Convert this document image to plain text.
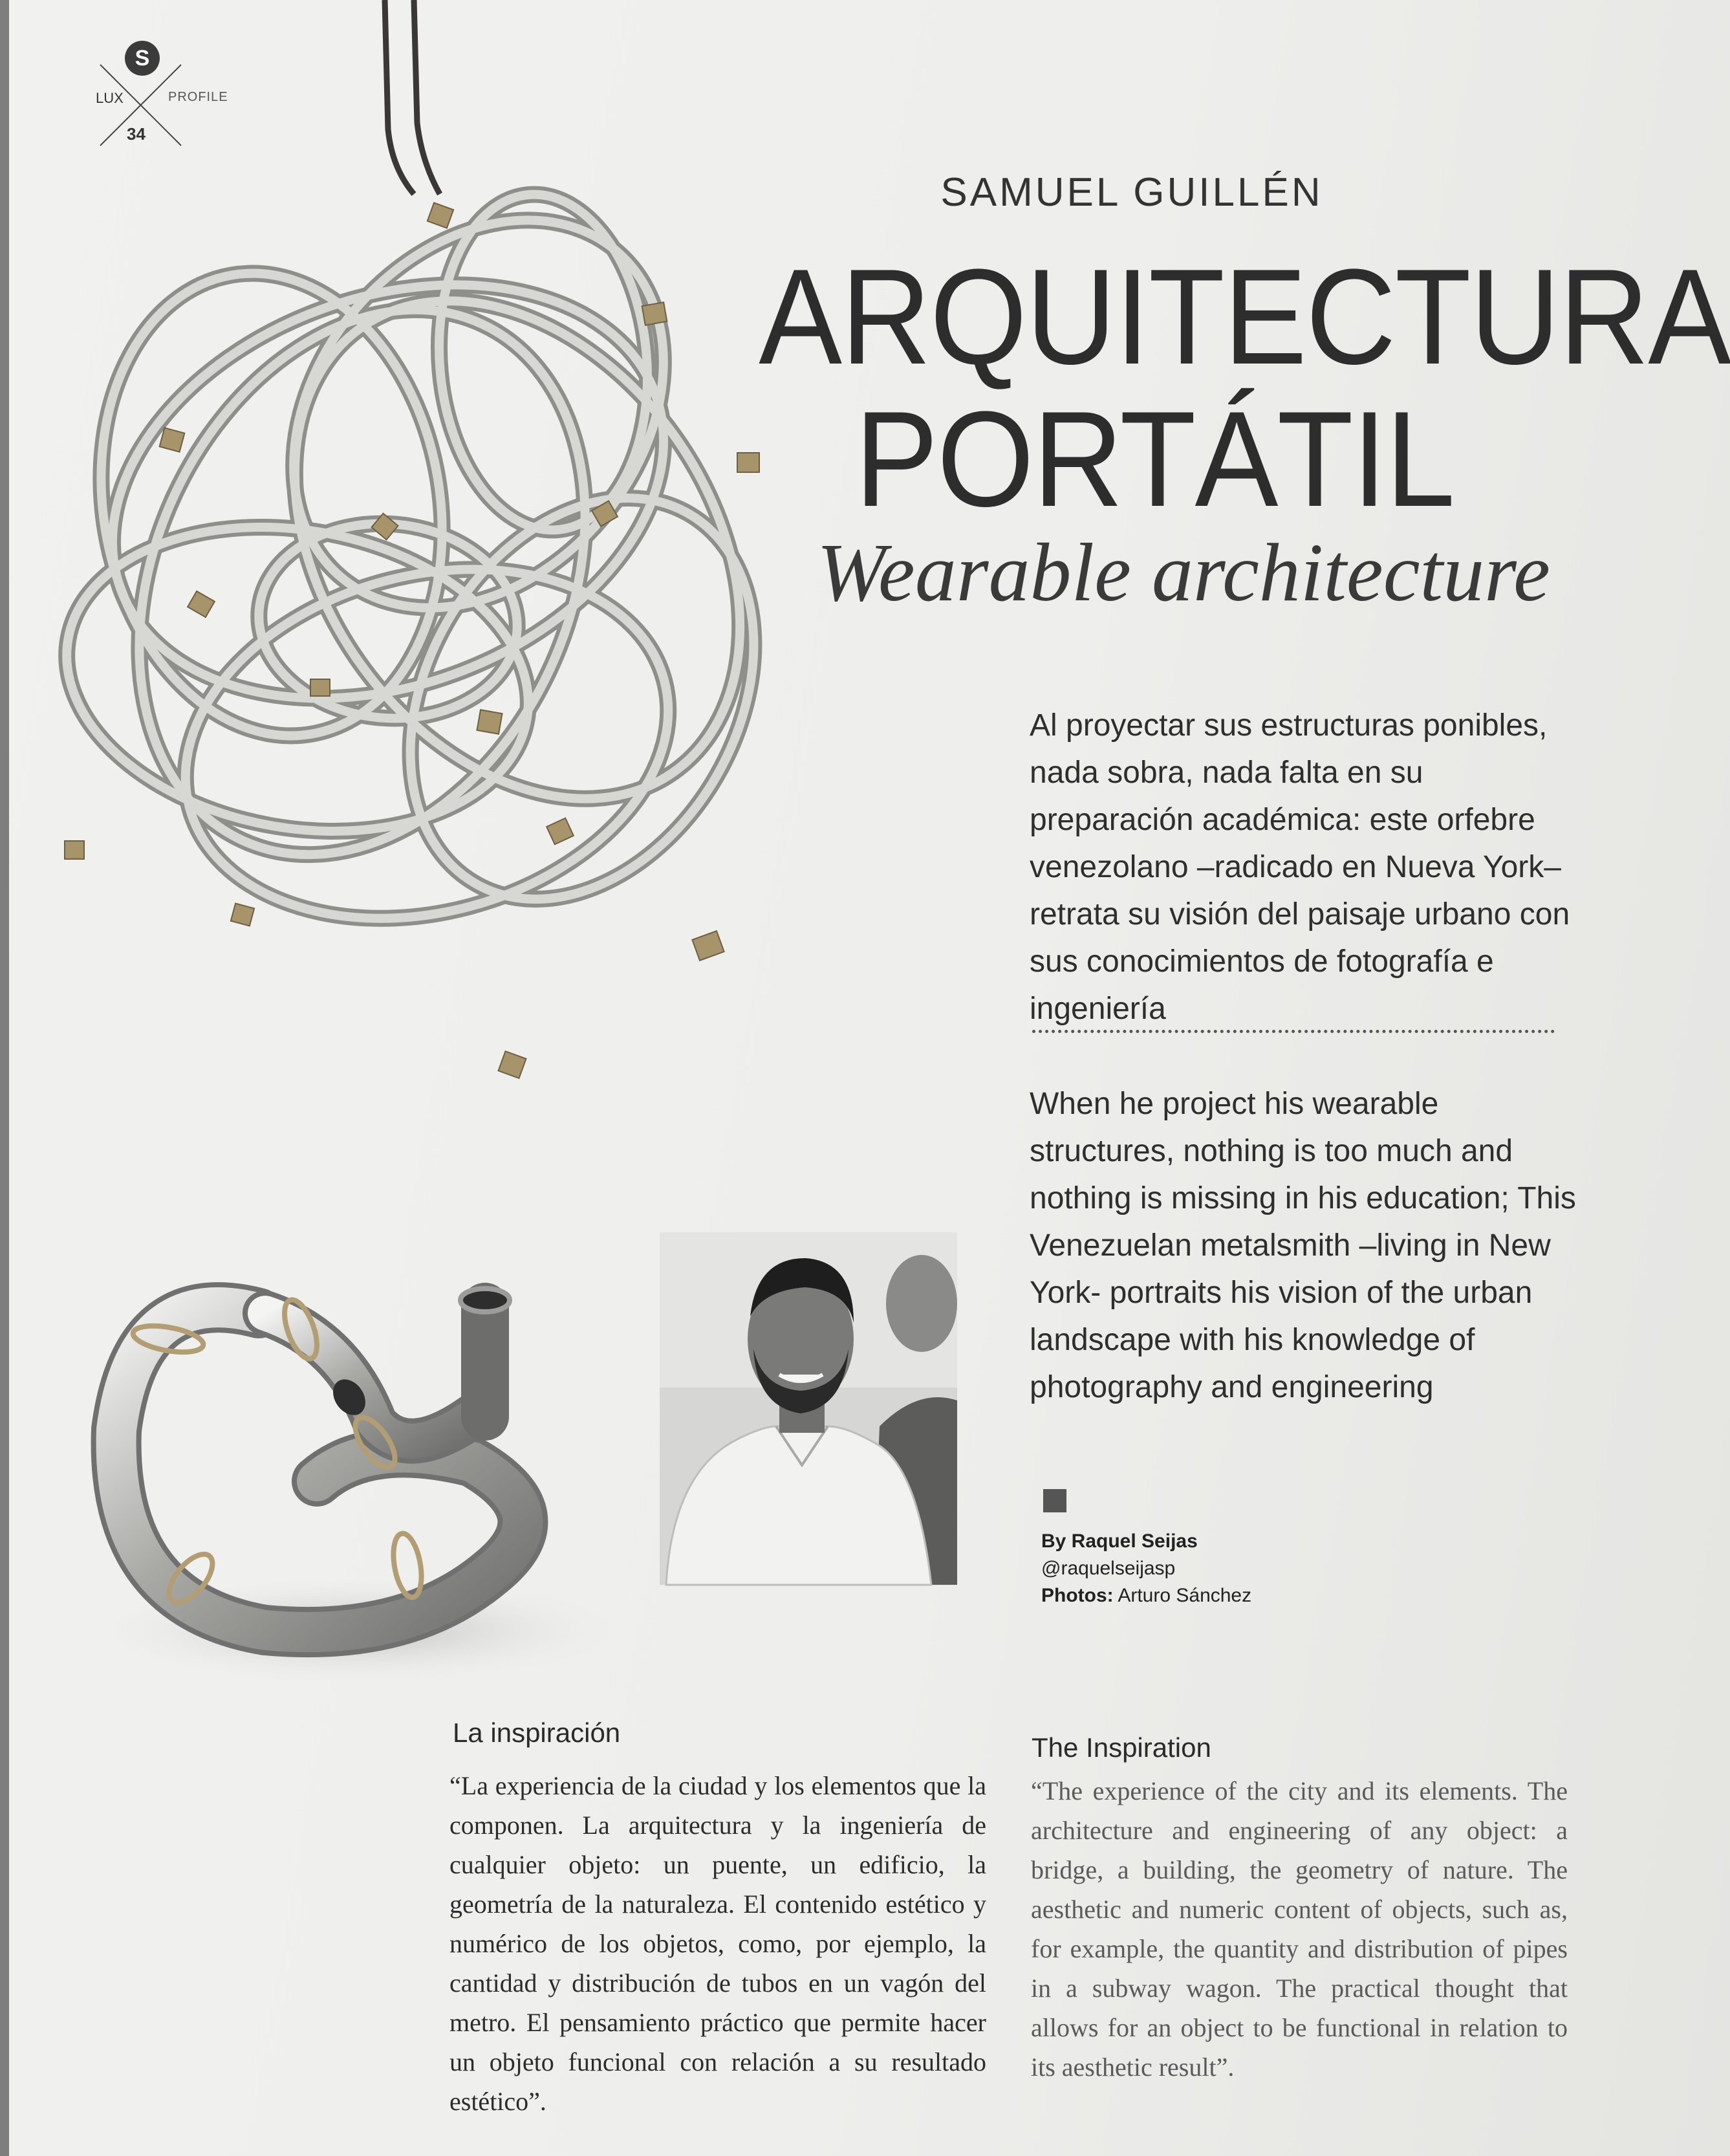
S
LUX	PROFILE
34
SAMUEL GUILLÉN
ARQUITECTURA
PORTÁTIL
Wearable architecture
Al proyectar sus estructuras ponibles, nada sobra, nada falta en su preparación académica: este orfebre venezolano –radicado en Nueva York– retrata su visión del paisaje urbano con sus conocimientos de fotografía e ingeniería
When he project his wearable structures, nothing is too much and nothing is missing in his education; This Venezuelan metalsmith –living in New York- portraits his vision of the urban landscape with his knowledge of photography and engineering
By Raquel Seijas
@raquelseijasp
Photos: Arturo Sánchez
La inspiración
“La experiencia de la ciudad y los elementos que la componen. La arquitectura y la ingeniería de cualquier objeto: un puente, un edificio, la geometría de la naturaleza. El contenido estético y numérico de los objetos, como, por ejemplo, la cantidad y distribución de tubos en un vagón del metro. El pensamiento práctico que permite hacer un objeto funcional con relación a su resultado estético”.
The Inspiration
“The experience of the city and its elements. The architecture and engineering of any object: a bridge, a building, the geometry of nature. The aesthetic and numeric content of objects, such as, for example, the quantity and distribution of pipes in a subway wagon. The practical thought that allows for an object to be functional in relation to its aesthetic result”.
